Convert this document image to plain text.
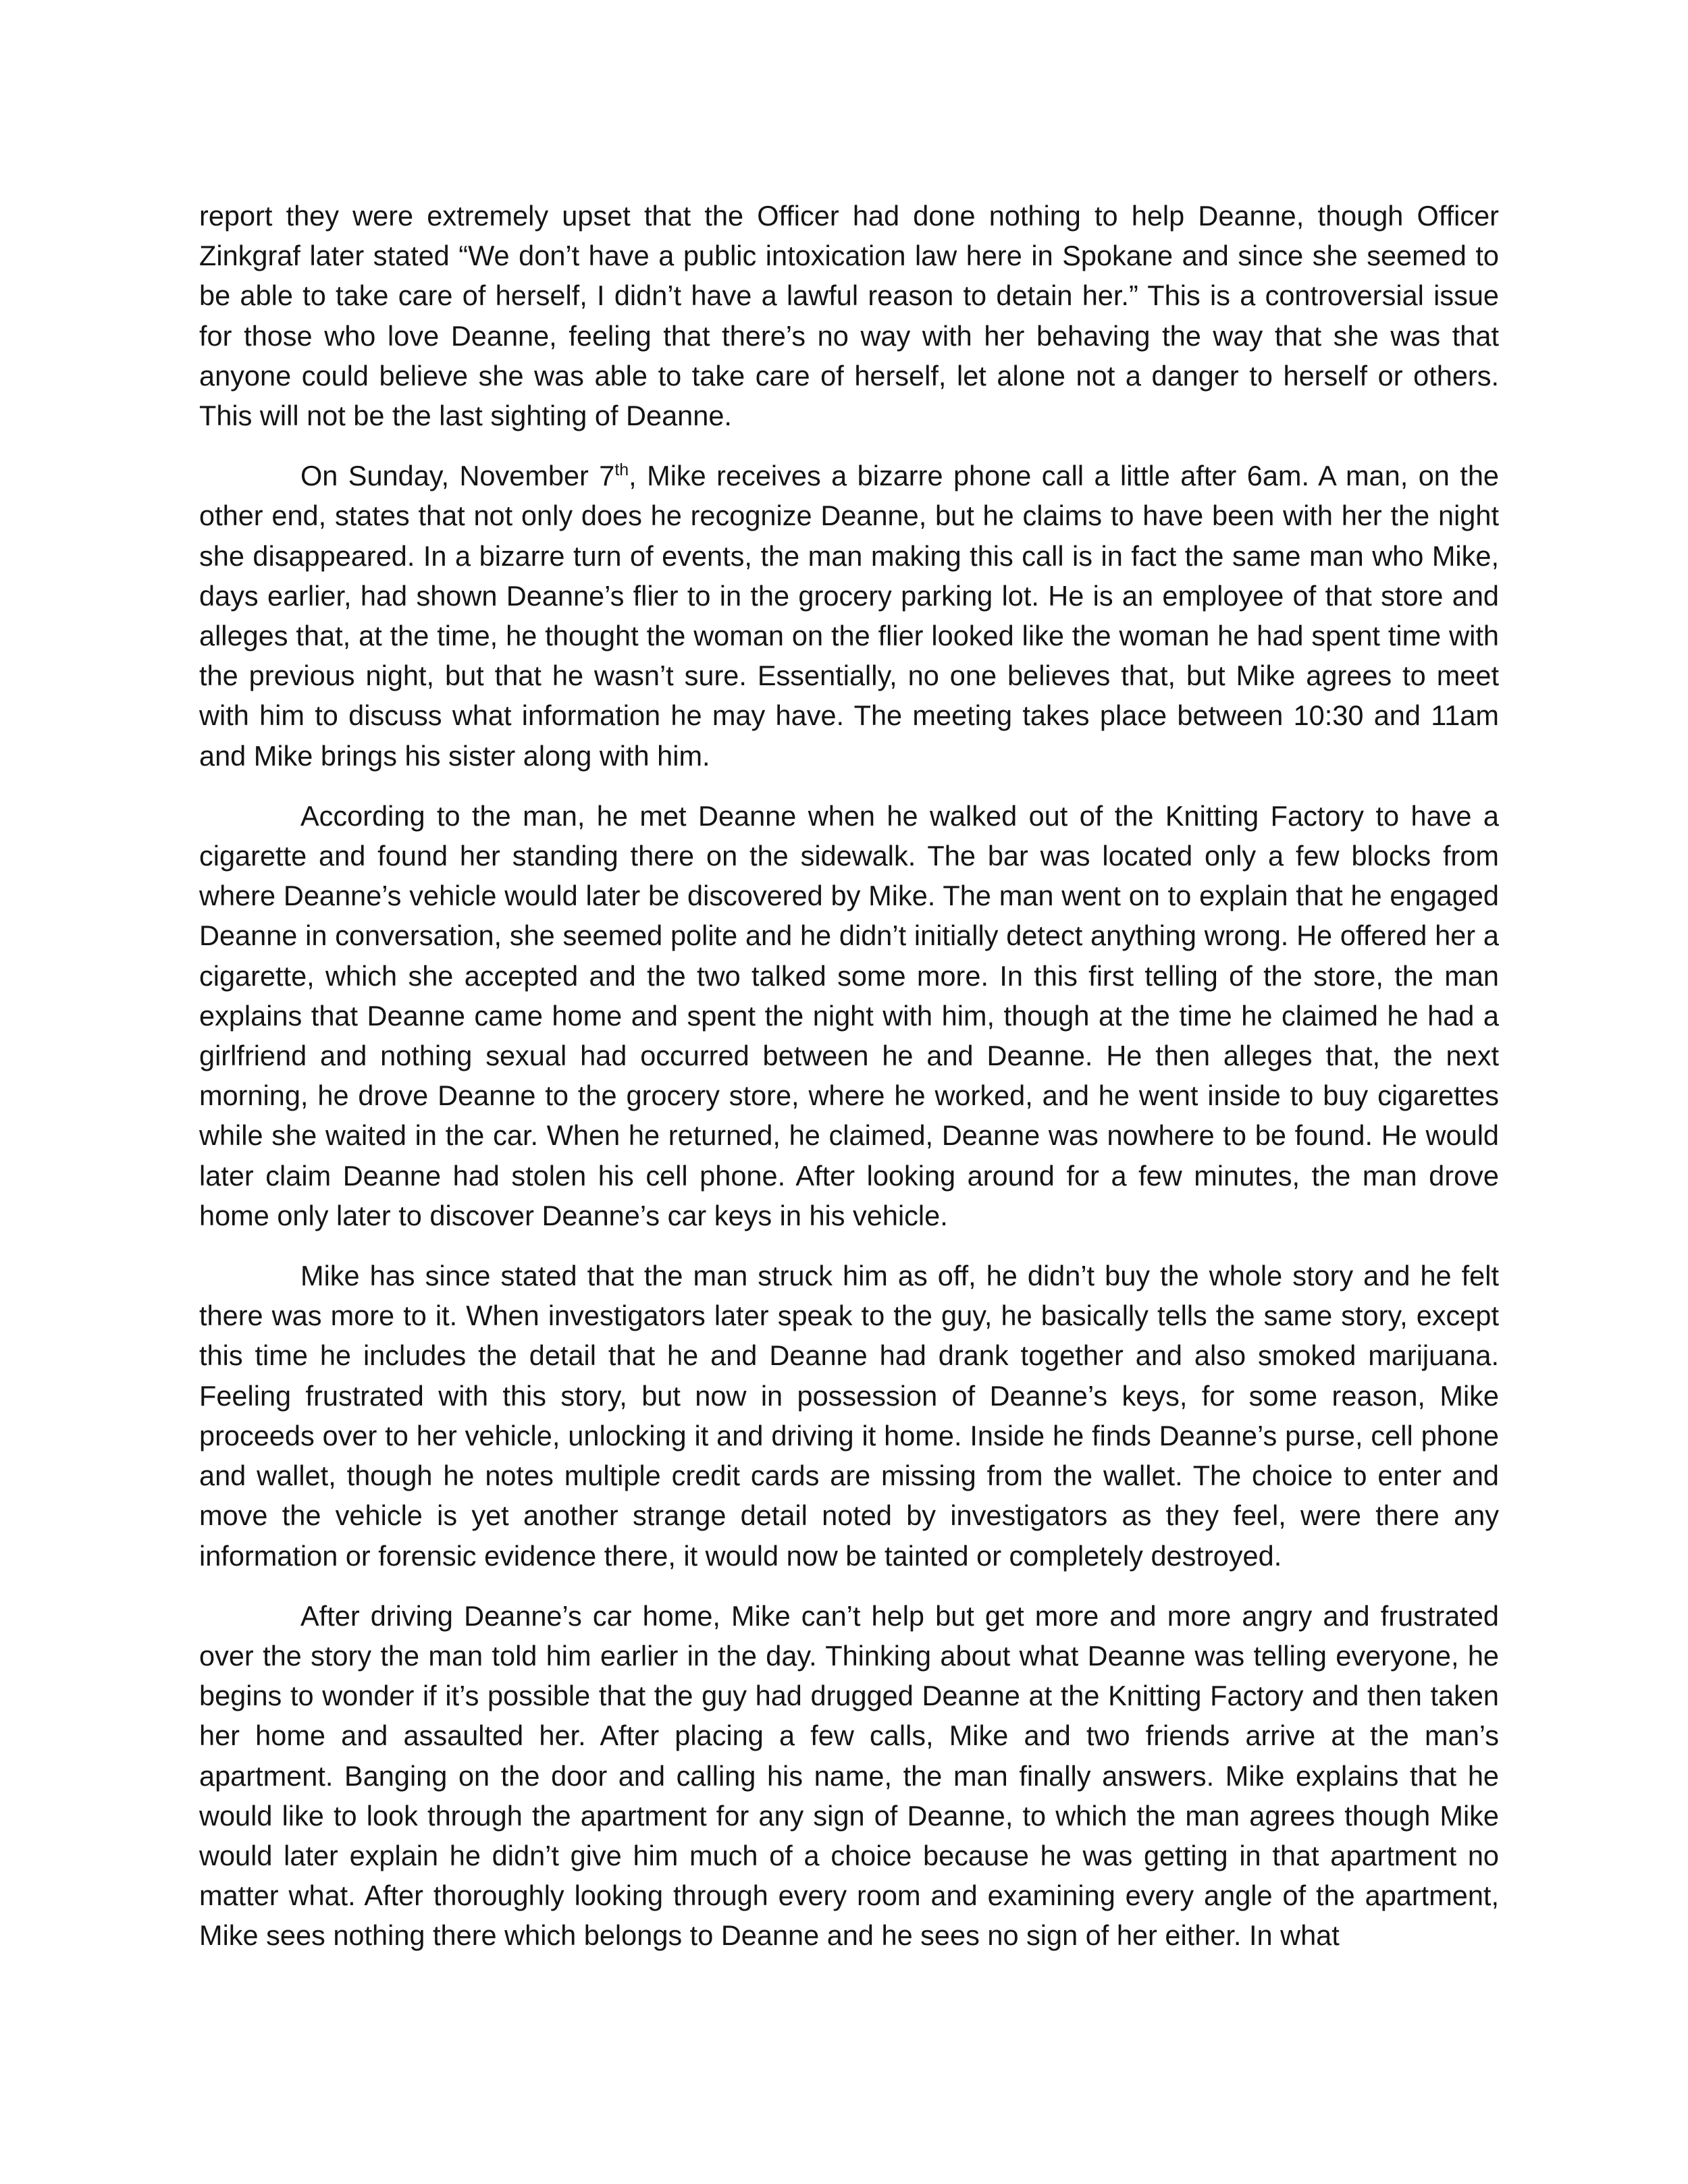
report they were extremely upset that the Officer had done nothing to help Deanne, though Officer Zinkgraf later stated “We don’t have a public intoxication law here in Spokane and since she seemed to be able to take care of herself, I didn’t have a lawful reason to detain her.” This is a controversial issue for those who love Deanne, feeling that there’s no way with her behaving the way that she was that anyone could believe she was able to take care of herself, let alone not a danger to herself or others. This will not be the last sighting of Deanne.

On Sunday, November 7th, Mike receives a bizarre phone call a little after 6am. A man, on the other end, states that not only does he recognize Deanne, but he claims to have been with her the night she disappeared. In a bizarre turn of events, the man making this call is in fact the same man who Mike, days earlier, had shown Deanne’s flier to in the grocery parking lot. He is an employee of that store and alleges that, at the time, he thought the woman on the flier looked like the woman he had spent time with the previous night, but that he wasn’t sure. Essentially, no one believes that, but Mike agrees to meet with him to discuss what information he may have. The meeting takes place between 10:30 and 11am and Mike brings his sister along with him.

According to the man, he met Deanne when he walked out of the Knitting Factory to have a cigarette and found her standing there on the sidewalk. The bar was located only a few blocks from where Deanne’s vehicle would later be discovered by Mike. The man went on to explain that he engaged Deanne in conversation, she seemed polite and he didn’t initially detect anything wrong. He offered her a cigarette, which she accepted and the two talked some more. In this first telling of the store, the man explains that Deanne came home and spent the night with him, though at the time he claimed he had a girlfriend and nothing sexual had occurred between he and Deanne. He then alleges that, the next morning, he drove Deanne to the grocery store, where he worked, and he went inside to buy cigarettes while she waited in the car. When he returned, he claimed, Deanne was nowhere to be found. He would later claim Deanne had stolen his cell phone. After looking around for a few minutes, the man drove home only later to discover Deanne’s car keys in his vehicle.

Mike has since stated that the man struck him as off, he didn’t buy the whole story and he felt there was more to it. When investigators later speak to the guy, he basically tells the same story, except this time he includes the detail that he and Deanne had drank together and also smoked marijuana. Feeling frustrated with this story, but now in possession of Deanne’s keys, for some reason, Mike proceeds over to her vehicle, unlocking it and driving it home. Inside he finds Deanne’s purse, cell phone and wallet, though he notes multiple credit cards are missing from the wallet. The choice to enter and move the vehicle is yet another strange detail noted by investigators as they feel, were there any information or forensic evidence there, it would now be tainted or completely destroyed.

After driving Deanne’s car home, Mike can’t help but get more and more angry and frustrated over the story the man told him earlier in the day. Thinking about what Deanne was telling everyone, he begins to wonder if it’s possible that the guy had drugged Deanne at the Knitting Factory and then taken her home and assaulted her. After placing a few calls, Mike and two friends arrive at the man’s apartment. Banging on the door and calling his name, the man finally answers. Mike explains that he would like to look through the apartment for any sign of Deanne, to which the man agrees though Mike would later explain he didn’t give him much of a choice because he was getting in that apartment no matter what. After thoroughly looking through every room and examining every angle of the apartment, Mike sees nothing there which belongs to Deanne and he sees no sign of her either. In what
